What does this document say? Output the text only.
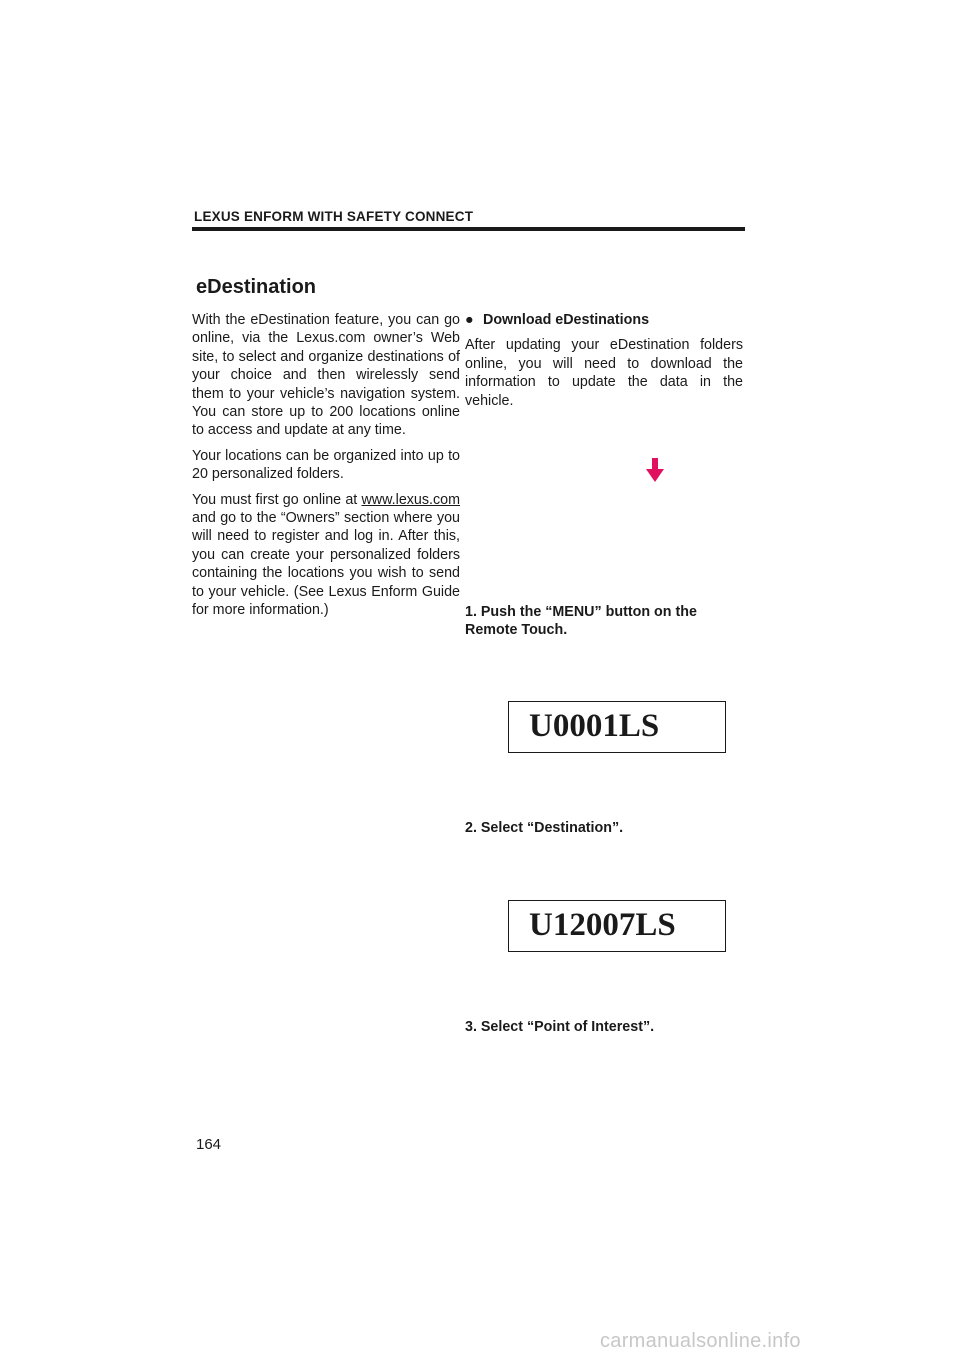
LEXUS ENFORM WITH SAFETY CONNECT
eDestination

With the eDestination feature, you can go online, via the Lexus.com owner’s Web site, to select and organize destinations of your choice and then wirelessly send them to your vehicle’s navigation system. You can store up to 200 locations online to access and update at any time.

Your locations can be organized into up to 20 personalized folders.

You must first go online at www.lexus.com and go to the “Owners” section where you will need to register and log in. After this, you can create your personalized folders containing the locations you wish to send to your vehicle. (See Lexus Enform Guide for more information.)

● Download eDestinations

After updating your eDestination folders online, you will need to download the information to update the data in the vehicle.

1. Push the “MENU” button on the Remote Touch.
U0001LS
2. Select “Destination”.
U12007LS
3. Select “Point of Interest”.
164
carmanualsonline.info
